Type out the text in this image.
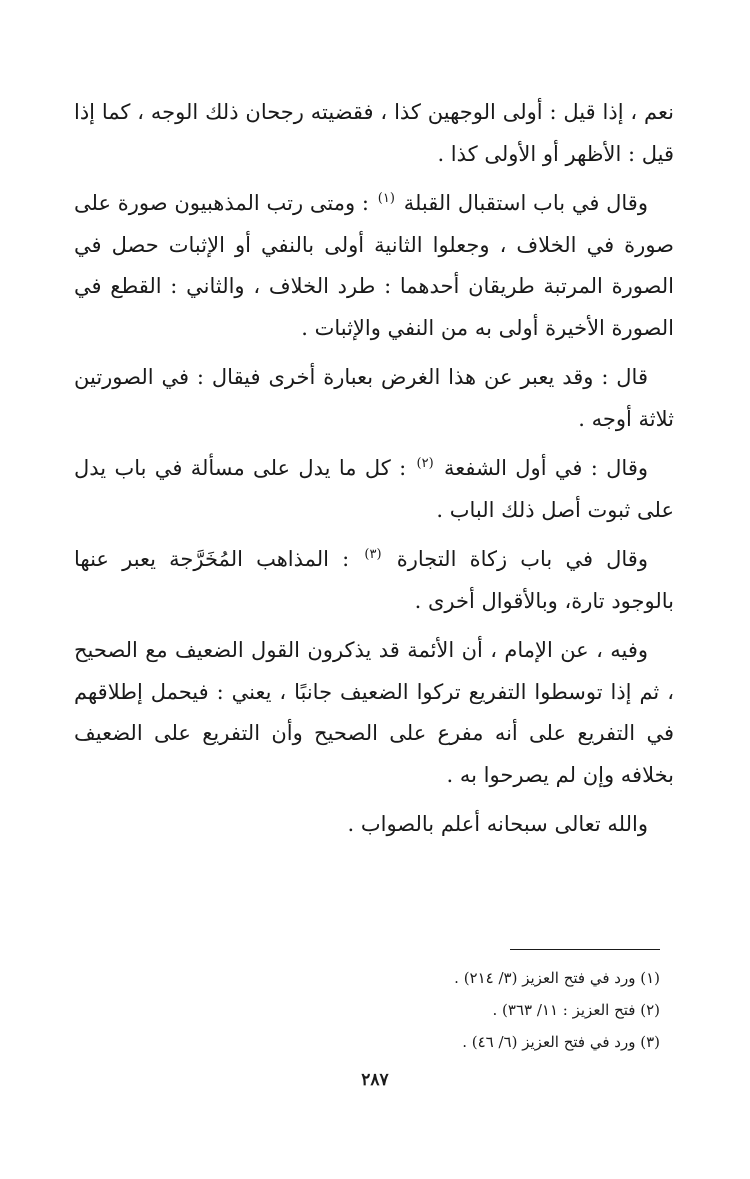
نعم ، إذا قيل : أولى الوجهين كذا ، فقضيته رجحان ذلك الوجه ، كما إذا قيل : الأظهر أو الأولى كذا .

وقال في باب استقبال القبلة $^{(١)}$ : ومتى رتب المذهبيون صورة على صورة في الخلاف ، وجعلوا الثانية أولى بالنفي أو الإثبات حصل في الصورة المرتبة طريقان أحدهما : طرد الخلاف ، والثاني : القطع في الصورة الأخيرة أولى به من النفي والإثبات .

قال : وقد يعبر عن هذا الغرض بعبارة أخرى فيقال : في الصورتين ثلاثة أوجه .

وقال : في أول الشفعة $^{(٢)}$ : كل ما يدل على مسألة في باب يدل على ثبوت أصل ذلك الباب .

وقال في باب زكاة التجارة $^{(٣)}$ : المذاهب المُخَرَّجة يعبر عنها بالوجود تارة، وبالأقوال أخرى .

وفيه ، عن الإمام ، أن الأئمة قد يذكرون القول الضعيف مع الصحيح ، ثم إذا توسطوا التفريع تركوا الضعيف جانبًا ، يعني : فيحمل إطلاقهم في التفريع على أنه مفرع على الصحيح وأن التفريع على الضعيف بخلافه وإن لم يصرحوا به .

والله تعالى سبحانه أعلم بالصواب .

(١) ورد في فتح العزيز (٣/ ٢١٤) .
(٢) فتح العزيز : ١١/ ٣٦٣) .
(٣) ورد في فتح العزيز (٦/ ٤٦) .
٢٨٧
